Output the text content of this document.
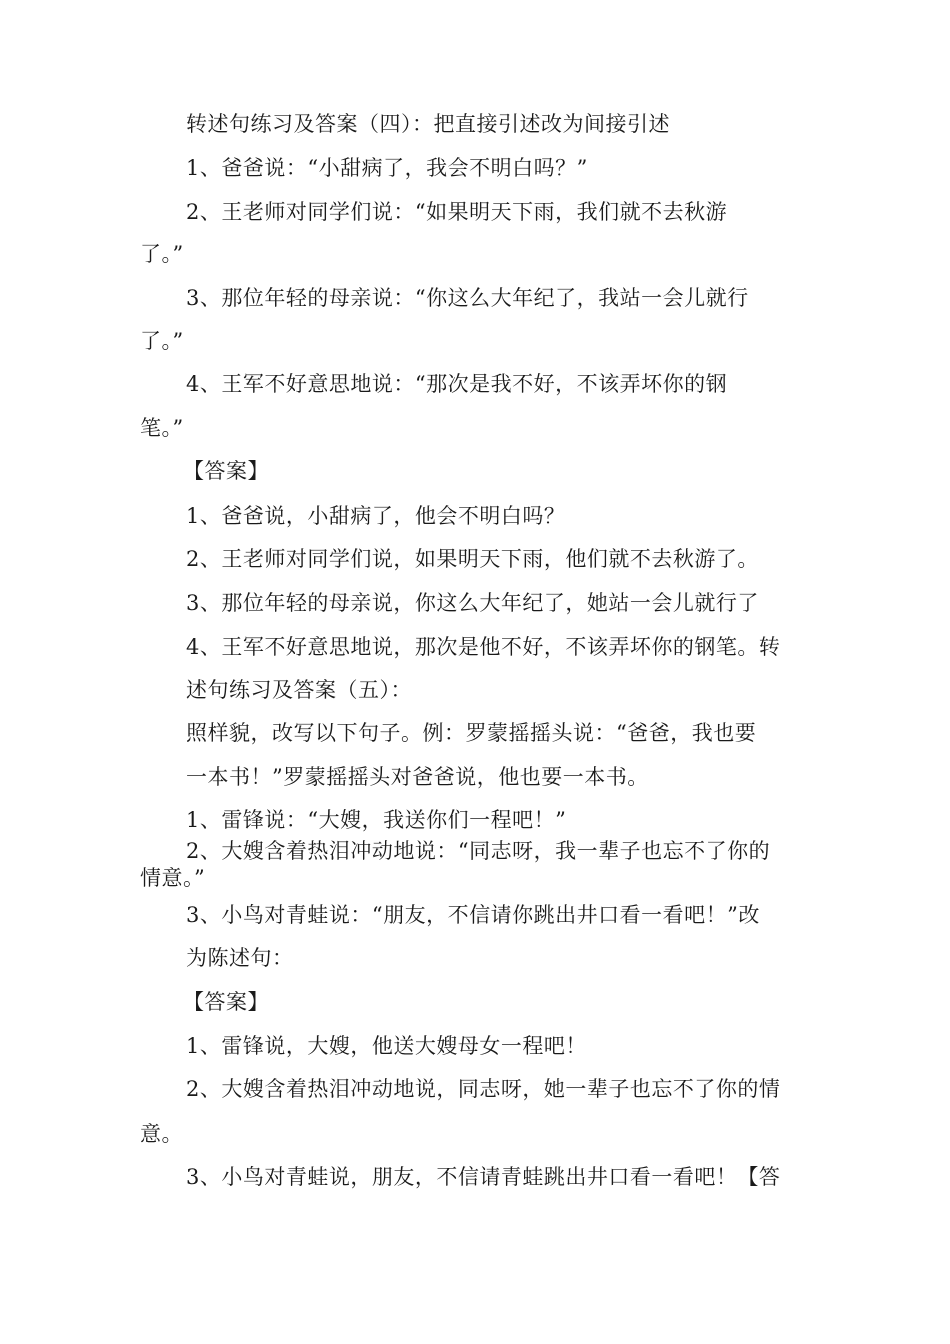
转述句练习及答案（四）：把直接引述改为间接引述
1、爸爸说：“小甜病了，我会不明白吗？”
2、王老师对同学们说：“如果明天下雨，我们就不去秋游
了。”
3、那位年轻的母亲说：“你这么大年纪了，我站一会儿就行
了。”
4、王军不好意思地说：“那次是我不好，不该弄坏你的钢
笔。”
【答案】
1、爸爸说，小甜病了，他会不明白吗？
2、王老师对同学们说，如果明天下雨，他们就不去秋游了。
3、那位年轻的母亲说，你这么大年纪了，她站一会儿就行了
4、王军不好意思地说，那次是他不好，不该弄坏你的钢笔。转
述句练习及答案（五）：
照样貌，改写以下句子。例：罗蒙摇摇头说：“爸爸，我也要
一本书！”罗蒙摇摇头对爸爸说，他也要一本书。
1、雷锋说：“大嫂，我送你们一程吧！”
2、大嫂含着热泪冲动地说：“同志呀，我一辈子也忘不了你的
情意。”
3、小鸟对青蛙说：“朋友，不信请你跳出井口看一看吧！”改
为陈述句：
【答案】
1、雷锋说，大嫂，他送大嫂母女一程吧！
2、大嫂含着热泪冲动地说，同志呀，她一辈子也忘不了你的情
意。
3、小鸟对青蛙说，朋友，不信请青蛙跳出井口看一看吧！【答
